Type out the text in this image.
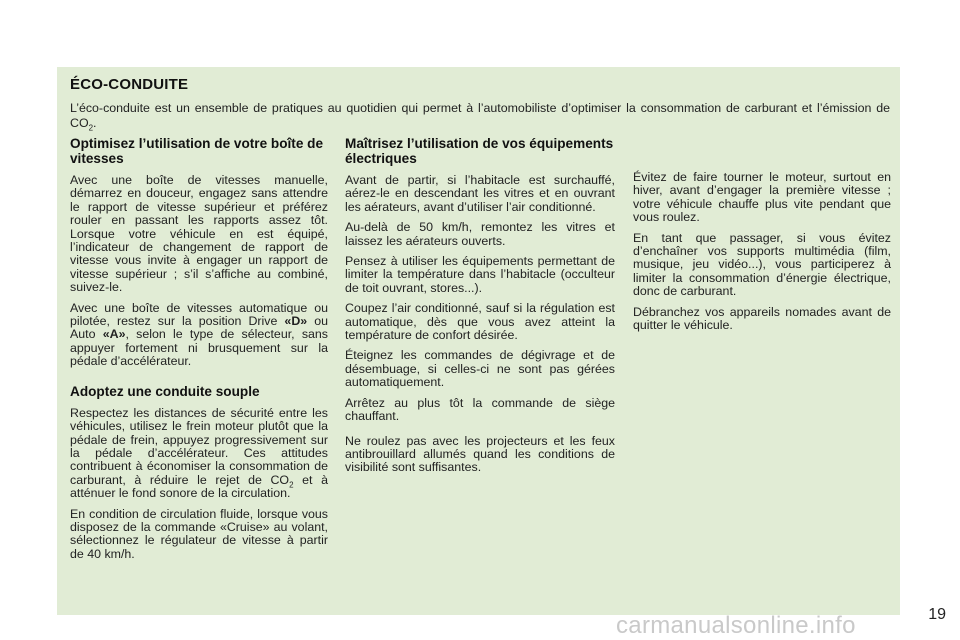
ÉCO-CONDUITE
L’éco-conduite est un ensemble de pratiques au quotidien qui permet à l’automobiliste d’optimiser la consommation de carburant et l’émission de $CO_2$.
Optimisez l’utilisation de votre boîte de vitesses

Avec une boîte de vitesses manuelle, démarrez en douceur, engagez sans attendre le rapport de vitesse supérieur et préférez rouler en passant les rapports assez tôt. Lorsque votre véhicule en est équipé, l’indicateur de changement de rapport de vitesse vous invite à engager un rapport de vitesse supérieur ; s’il s’affiche au combiné, suivez-le.

Avec une boîte de vitesses automatique ou pilotée, restez sur la position Drive «D» ou Auto «A», selon le type de sélecteur, sans appuyer fortement ni brusquement sur la pédale d’accélérateur.

Adoptez une conduite souple

Respectez les distances de sécurité entre les véhicules, utilisez le frein moteur plutôt que la pédale de frein, appuyez progressivement sur la pédale d’accélérateur. Ces attitudes contribuent à économiser la consommation de carburant, à réduire le rejet de $CO_2$ et à atténuer le fond sonore de la circulation.

En condition de circulation fluide, lorsque vous disposez de la commande «Cruise» au volant, sélectionnez le régulateur de vitesse à partir de 40 km/h.

Maîtrisez l’utilisation de vos équipements électriques

Avant de partir, si l’habitacle est surchauffé, aérez-le en descendant les vitres et en ouvrant les aérateurs, avant d’utiliser l’air conditionné.

Au-delà de 50 km/h, remontez les vitres et laissez les aérateurs ouverts.

Pensez à utiliser les équipements permettant de limiter la température dans l’habitacle (occulteur de toit ouvrant, stores...).

Coupez l’air conditionné, sauf si la régulation est automatique, dès que vous avez atteint la température de confort désirée.

Éteignez les commandes de dégivrage et de désembuage, si celles-ci ne sont pas gérées automatiquement.

Arrêtez au plus tôt la commande de siège chauffant.

Ne roulez pas avec les projecteurs et les feux antibrouillard allumés quand les conditions de visibilité sont suffisantes.

Évitez de faire tourner le moteur, surtout en hiver, avant d’engager la première vitesse ; votre véhicule chauffe plus vite pendant que vous roulez.

En tant que passager, si vous évitez d’enchaîner vos supports multimédia (film, musique, jeu vidéo...), vous participerez à limiter la consommation d’énergie électrique, donc de carburant.

Débranchez vos appareils nomades avant de quitter le véhicule.

19
carmanualsonline.info
